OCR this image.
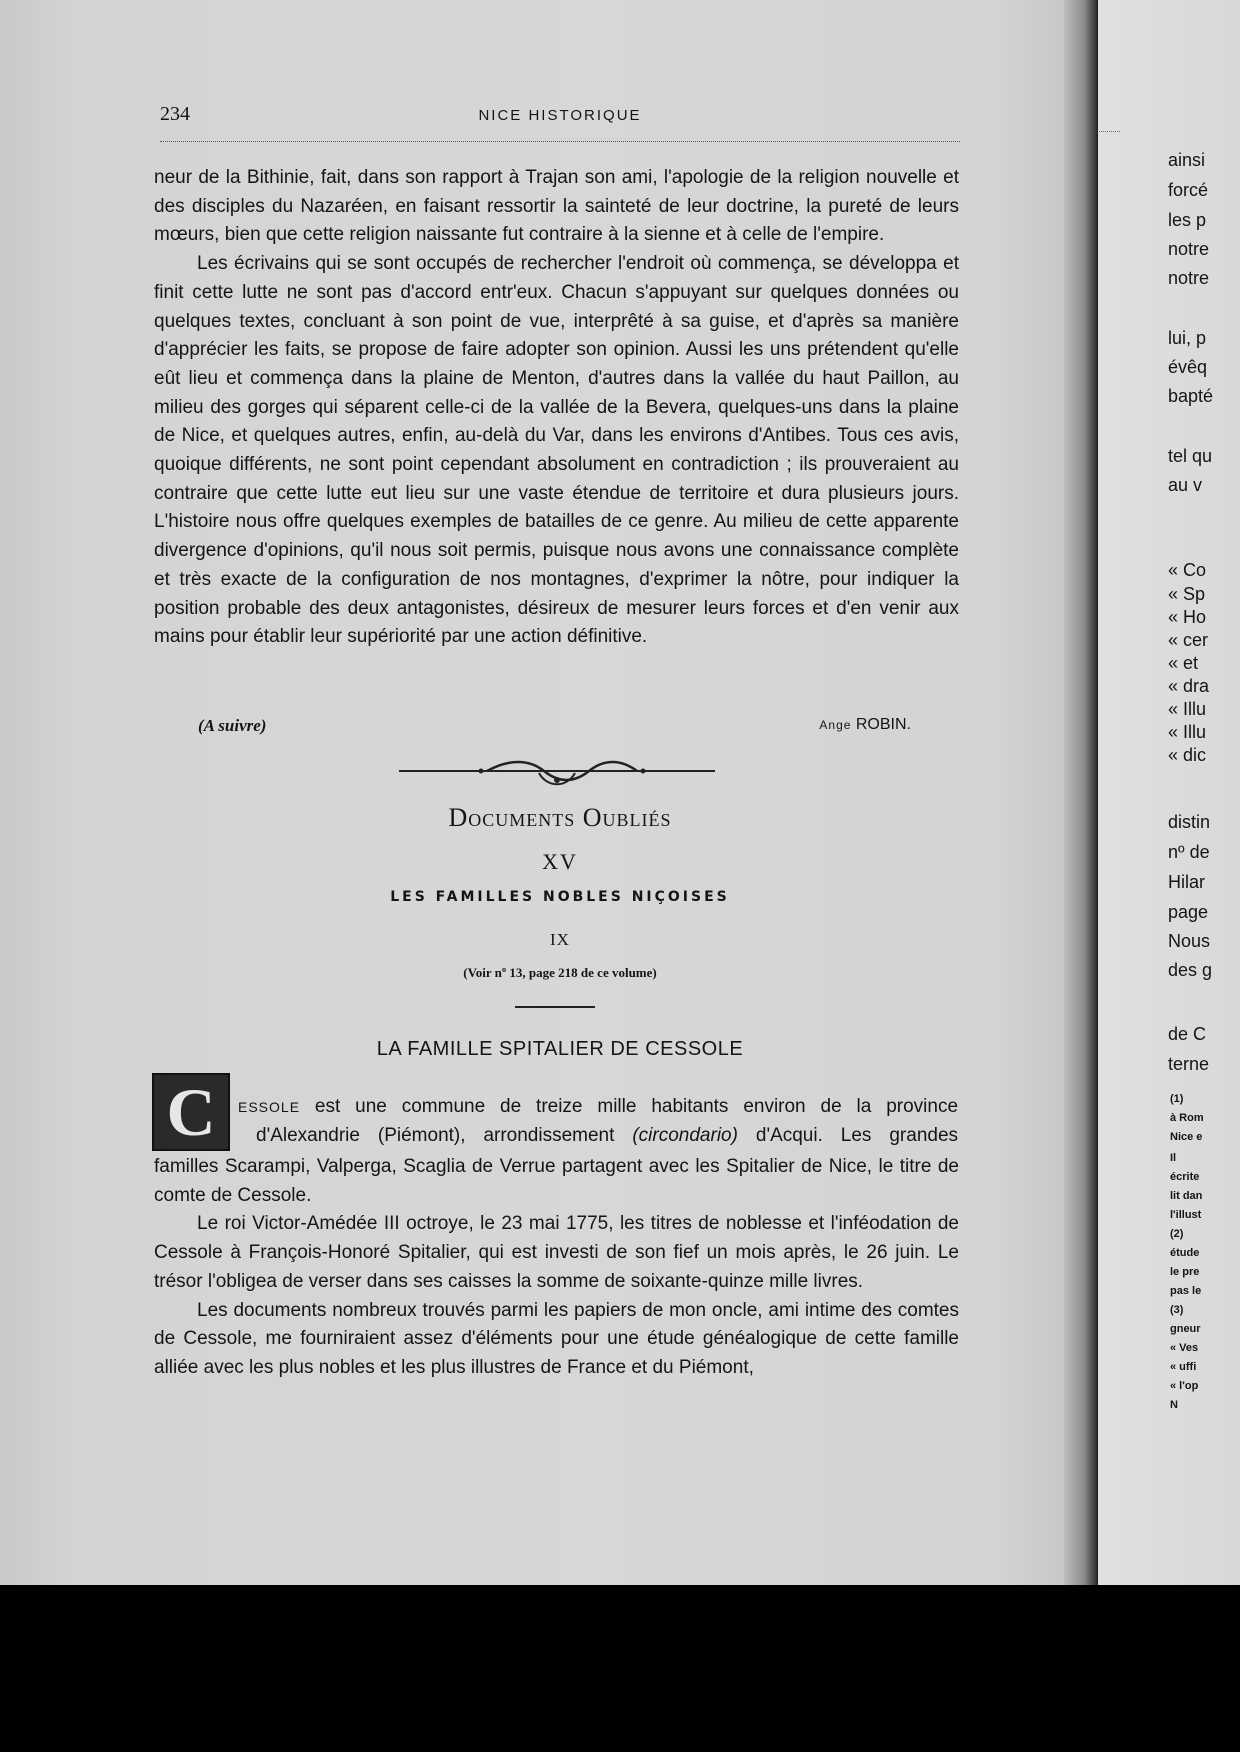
234	NICE HISTORIQUE

neur de la Bithinie, fait, dans son rapport à Trajan son ami, l'apologie de la religion nouvelle et des disciples du Nazaréen, en faisant ressortir la sainteté de leur doctrine, la pureté de leurs mœurs, bien que cette religion naissante fut contraire à la sienne et à celle de l'empire.

Les écrivains qui se sont occupés de rechercher l'endroit où commença, se développa et finit cette lutte ne sont pas d'accord entr'eux. Chacun s'appuyant sur quelques données ou quelques textes, concluant à son point de vue, interprêté à sa guise, et d'après sa manière d'apprécier les faits, se propose de faire adopter son opinion. Aussi les uns prétendent qu'elle eût lieu et commença dans la plaine de Menton, d'autres dans la vallée du haut Paillon, au milieu des gorges qui séparent celle-ci de la vallée de la Bevera, quelques-uns dans la plaine de Nice, et quelques autres, enfin, au-delà du Var, dans les environs d'Antibes. Tous ces avis, quoique différents, ne sont point cependant absolument en contradiction ; ils prouveraient au contraire que cette lutte eut lieu sur une vaste étendue de territoire et dura plusieurs jours. L'histoire nous offre quelques exemples de batailles de ce genre. Au milieu de cette apparente divergence d'opinions, qu'il nous soit permis, puisque nous avons une connaissance complète et très exacte de la configuration de nos montagnes, d'exprimer la nôtre, pour indiquer la position probable des deux antagonistes, désireux de mesurer leurs forces et d'en venir aux mains pour établir leur supériorité par une action définitive.

(A suivre)	Ange ROBIN.
Documents Oubliés
XV
LES FAMILLES NOBLES NIÇOISES
IX
(Voir nº 13, page 218 de ce volume)
LA FAMILLE SPITALIER DE CESSOLE
C	ESSOLE est une commune de treize mille habitants environ de la province
d'Alexandrie (Piémont), arrondissement (circondario) d'Acqui. Les grandes

familles Scarampi, Valperga, Scaglia de Verrue partagent avec les Spitalier de Nice, le titre de comte de Cessole.

Le roi Victor-Amédée III octroye, le 23 mai 1775, les titres de noblesse et l'inféodation de Cessole à François-Honoré Spitalier, qui est investi de son fief un mois après, le 26 juin. Le trésor l'obligea de verser dans ses caisses la somme de soixante-quinze mille livres.

Les documents nombreux trouvés parmi les papiers de mon oncle, ami intime des comtes de Cessole, me fourniraient assez d'éléments pour une étude généalogique de cette famille alliée avec les plus nobles et les plus illustres de France et du Piémont,

ainsi
forcé
les p
notre
notre
lui, p
évêq
bapté
tel qu
au v
« Co
« Sp
« Ho
« cer
« et
« dra
« Illu
« Illu
« dic
distin
nº de
Hilar
page
Nous
des g
de C
terne
(1)
à Rom
Nice e
Il
écrite
lit dan
l'illust
(2)
étude
le pre
pas le
(3)
gneur
« Ves
« uffi
« l'op
N
